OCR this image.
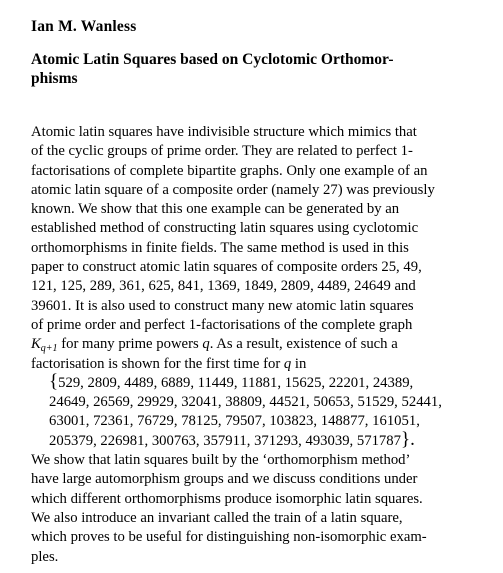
Ian M. Wanless
Atomic Latin Squares based on Cyclotomic Orthomor-
phisms
Atomic latin squares have indivisible structure which mimics that
of the cyclic groups of prime order. They are related to perfect 1-
factorisations of complete bipartite graphs. Only one example of an
atomic latin square of a composite order (namely 27) was previously
known. We show that this one example can be generated by an
established method of constructing latin squares using cyclotomic
orthomorphisms in finite fields. The same method is used in this
paper to construct atomic latin squares of composite orders 25, 49,
121, 125, 289, 361, 625, 841, 1369, 1849, 2809, 4489, 24649 and
39601. It is also used to construct many new atomic latin squares
of prime order and perfect 1-factorisations of the complete graph
$K_{q+1}$ for many prime powers q. As a result, existence of such a
factorisation is shown for the first time for q in
{529, 2809, 4489, 6889, 11449, 11881, 15625, 22201, 24389,
24649, 26569, 29929, 32041, 38809, 44521, 50653, 51529, 52441,
63001, 72361, 76729, 78125, 79507, 103823, 148877, 161051,
205379, 226981, 300763, 357911, 371293, 493039, 571787}.
We show that latin squares built by the ‘orthomorphism method’
have large automorphism groups and we discuss conditions under
which different orthomorphisms produce isomorphic latin squares.
We also introduce an invariant called the train of a latin square,
which proves to be useful for distinguishing non-isomorphic exam-
ples.
